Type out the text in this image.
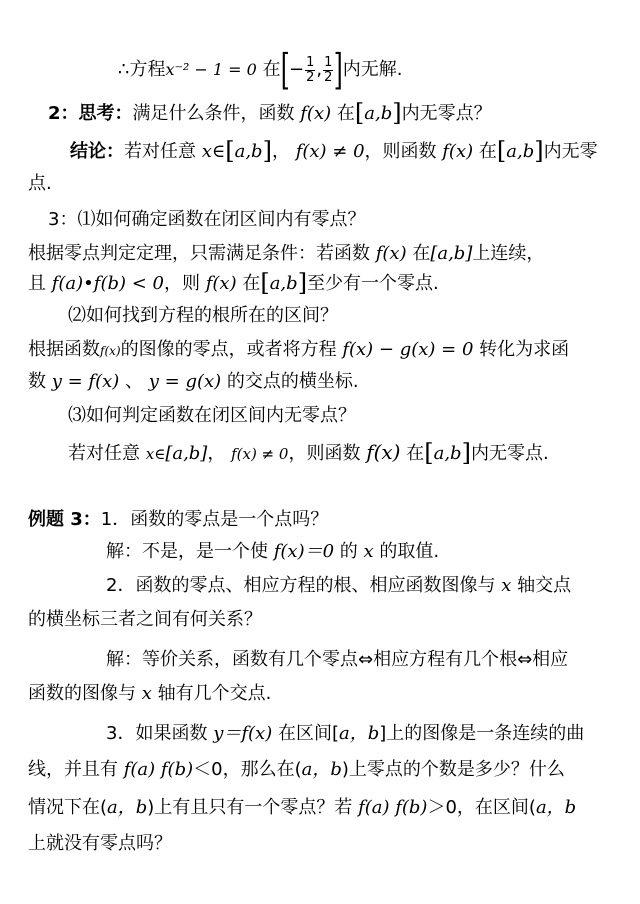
∴方程x⁻² − 1 = 0 在[− $\frac{1}{2}$ , $\frac{1}{2}$ ]内无解.
2：思考：满足什么条件，函数 f(x) 在[a,b]内无零点？
结论：若对任意 x∈[a,b]， f(x) ≠ 0，则函数 f(x) 在[a,b]内无零
点.
3：⑴如何确定函数在闭区间内有零点？
根据零点判定定理，只需满足条件：若函数 f(x) 在[a,b]上连续，
且 f(a)•f(b) < 0，则 f(x) 在[a,b]至少有一个零点.
⑵如何找到方程的根所在的区间？
根据函数f(x)的图像的零点，或者将方程 f(x) − g(x) = 0 转化为求函
数 y = f(x) 、 y = g(x) 的交点的横坐标.
⑶如何判定函数在闭区间内无零点？
若对任意 x∈[a,b]， f(x) ≠ 0，则函数 f(x) 在[a,b]内无零点.
例题 3：1．函数的零点是一个点吗？
解：不是，是一个使 f(x)＝0 的 x 的取值.
2．函数的零点、相应方程的根、相应函数图像与 x 轴交点
的横坐标三者之间有何关系？
解：等价关系，函数有几个零点⇔相应方程有几个根⇔相应
函数的图像与 x 轴有几个交点.
3．如果函数 y＝f(x) 在区间[a，b]上的图像是一条连续的曲
线，并且有 f(a) f(b)＜0，那么在(a，b)上零点的个数是多少？什么
情况下在(a，b)上有且只有一个零点？若 f(a) f(b)＞0，在区间(a，b
上就没有零点吗？
